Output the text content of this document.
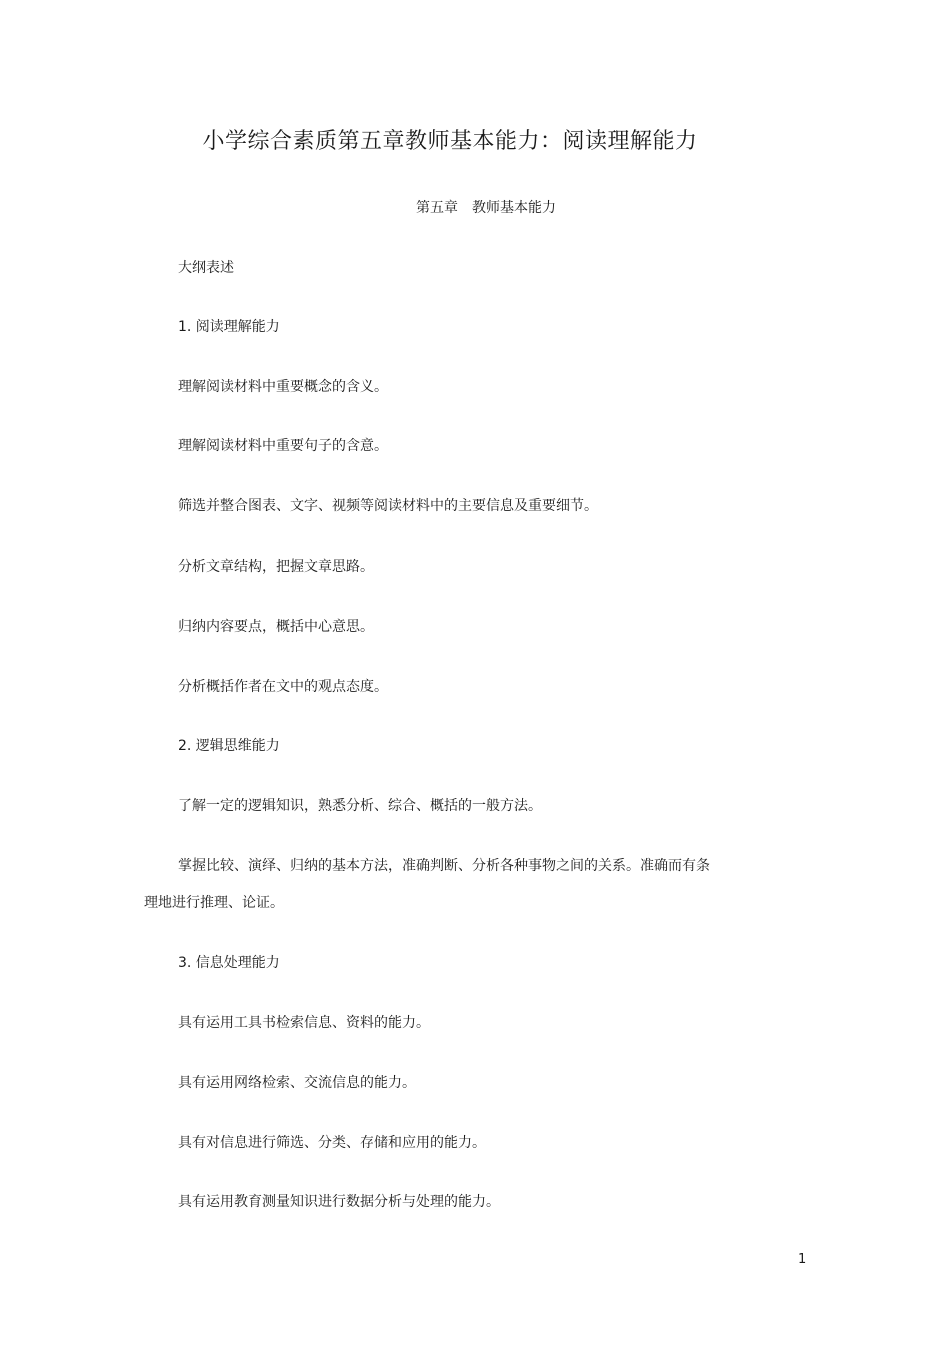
小学综合素质第五章教师基本能力：阅读理解能力
第五章　教师基本能力
大纲表述
1. 阅读理解能力
理解阅读材料中重要概念的含义。
理解阅读材料中重要句子的含意。
筛选并整合图表、文字、视频等阅读材料中的主要信息及重要细节。
分析文章结构，把握文章思路。
归纳内容要点，概括中心意思。
分析概括作者在文中的观点态度。
2. 逻辑思维能力
了解一定的逻辑知识，熟悉分析、综合、概括的一般方法。
掌握比较、演绎、归纳的基本方法，准确判断、分析各种事物之间的关系。准确而有条
理地进行推理、论证。
3. 信息处理能力
具有运用工具书检索信息、资料的能力。
具有运用网络检索、交流信息的能力。
具有对信息进行筛选、分类、存储和应用的能力。
具有运用教育测量知识进行数据分析与处理的能力。
1
